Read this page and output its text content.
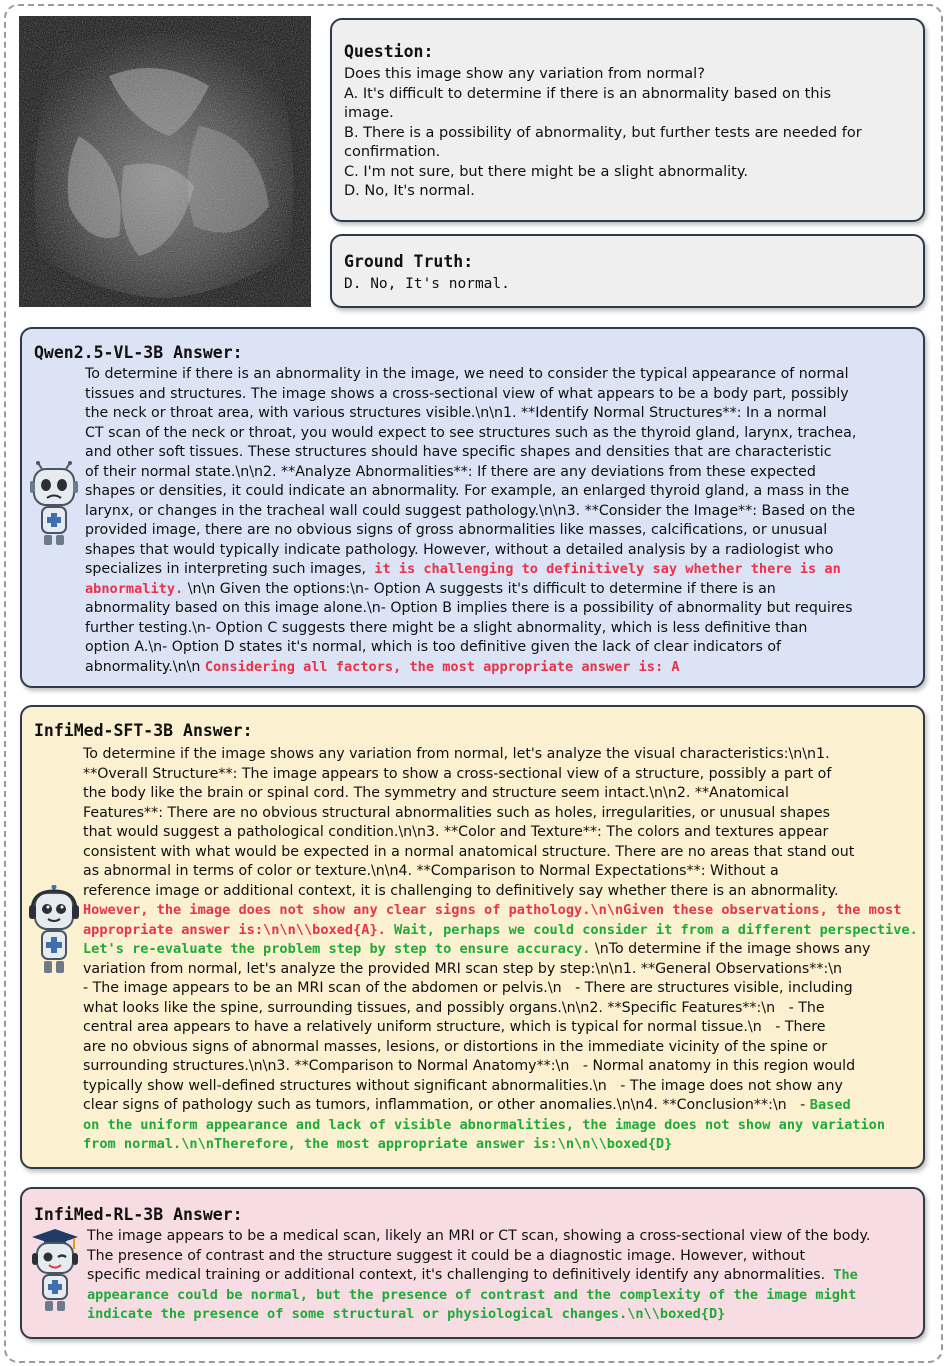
Question:
Does this image show any variation from normal?
A. It's difficult to determine if there is an abnormality based on this
image.
B. There is a possibility of abnormality, but further tests are needed for
confirmation.
C. I'm not sure, but there might be a slight abnormality.
D. No, It's normal.
Ground Truth:
D. No, It's normal.
Qwen2.5-VL-3B Answer:
To determine if there is an abnormality in the image, we need to consider the typical appearance of normal
tissues and structures. The image shows a cross-sectional view of what appears to be a body part, possibly
the neck or throat area, with various structures visible.\n\n1. **Identify Normal Structures**: In a normal
CT scan of the neck or throat, you would expect to see structures such as the thyroid gland, larynx, trachea,
and other soft tissues. These structures should have specific shapes and densities that are characteristic
of their normal state.\n\n2. **Analyze Abnormalities**: If there are any deviations from these expected
shapes or densities, it could indicate an abnormality. For example, an enlarged thyroid gland, a mass in the
larynx, or changes in the tracheal wall could suggest pathology.\n\n3. **Consider the Image**: Based on the
provided image, there are no obvious signs of gross abnormalities like masses, calcifications, or unusual
shapes that would typically indicate pathology. However, without a detailed analysis by a radiologist who
specializes in interpreting such images, it is challenging to definitively say whether there is an
abnormality. \n\n Given the options:\n- Option A suggests it's difficult to determine if there is an
abnormality based on this image alone.\n- Option B implies there is a possibility of abnormality but requires
further testing.\n- Option C suggests there might be a slight abnormality, which is less definitive than
option A.\n- Option D states it's normal, which is too definitive given the lack of clear indicators of
abnormality.\n\n Considering all factors, the most appropriate answer is: A
InfiMed-SFT-3B Answer:
To determine if the image shows any variation from normal, let's analyze the visual characteristics:\n\n1.
**Overall Structure**: The image appears to show a cross-sectional view of a structure, possibly a part of
the body like the brain or spinal cord. The symmetry and structure seem intact.\n\n2. **Anatomical
Features**: There are no obvious structural abnormalities such as holes, irregularities, or unusual shapes
that would suggest a pathological condition.\n\n3. **Color and Texture**: The colors and textures appear
consistent with what would be expected in a normal anatomical structure. There are no areas that stand out
as abnormal in terms of color or texture.\n\n4. **Comparison to Normal Expectations**: Without a
reference image or additional context, it is challenging to definitively say whether there is an abnormality.
However, the image does not show any clear signs of pathology.\n\nGiven these observations, the most
appropriate answer is:\n\n\\boxed{A}. Wait, perhaps we could consider it from a different perspective.
Let's re-evaluate the problem step by step to ensure accuracy. \nTo determine if the image shows any
variation from normal, let's analyze the provided MRI scan step by step:\n\n1. **General Observations**:\n
- The image appears to be an MRI scan of the abdomen or pelvis.\n   - There are structures visible, including
what looks like the spine, surrounding tissues, and possibly organs.\n\n2. **Specific Features**:\n   - The
central area appears to have a relatively uniform structure, which is typical for normal tissue.\n   - There
are no obvious signs of abnormal masses, lesions, or distortions in the immediate vicinity of the spine or
surrounding structures.\n\n3. **Comparison to Normal Anatomy**:\n   - Normal anatomy in this region would
typically show well-defined structures without significant abnormalities.\n   - The image does not show any
clear signs of pathology such as tumors, inflammation, or other anomalies.\n\n4. **Conclusion**:\n   - Based
on the uniform appearance and lack of visible abnormalities, the image does not show any variation
from normal.\n\nTherefore, the most appropriate answer is:\n\n\\boxed{D}
InfiMed-RL-3B Answer:
The image appears to be a medical scan, likely an MRI or CT scan, showing a cross-sectional view of the body.
The presence of contrast and the structure suggest it could be a diagnostic image. However, without
specific medical training or additional context, it's challenging to definitively identify any abnormalities. The
appearance could be normal, but the presence of contrast and the complexity of the image might
indicate the presence of some structural or physiological changes.\n\\boxed{D}
